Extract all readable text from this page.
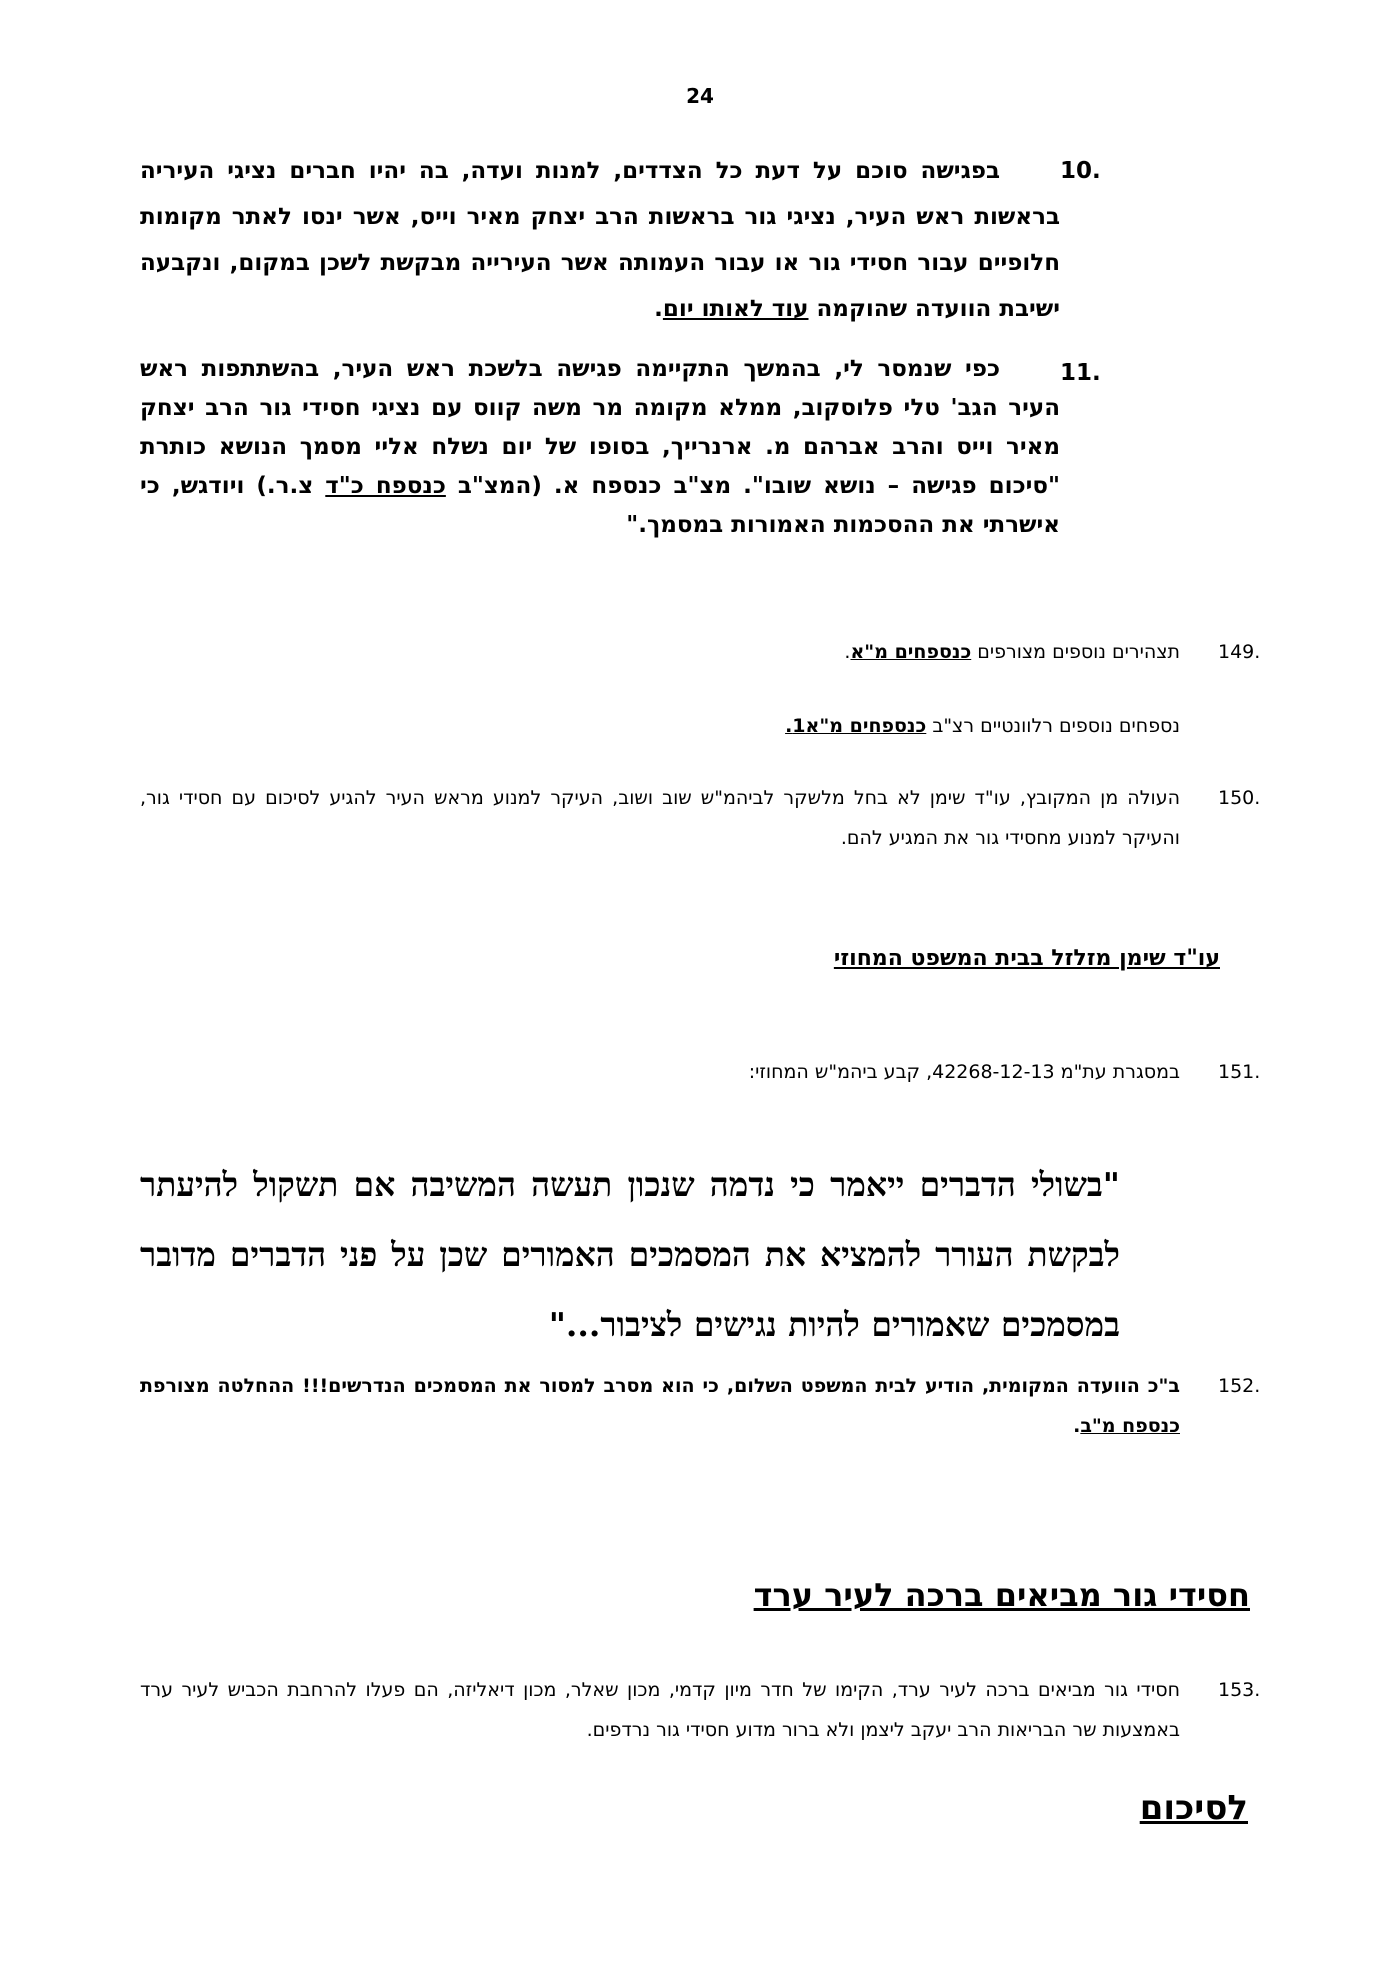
24
10.
בפגישה סוכם על דעת כל הצדדים, למנות ועדה, בה יהיו חברים נציגי העיריה בראשות ראש העיר, נציגי גור בראשות הרב יצחק מאיר וייס, אשר ינסו לאתר מקומות חלופיים עבור חסידי גור או עבור העמותה אשר העירייה מבקשת לשכן במקום, ונקבעה ישיבת הוועדה שהוקמה עוד לאותו יום.
11.
כפי שנמסר לי, בהמשך התקיימה פגישה בלשכת ראש העיר, בהשתתפות ראש העיר הגב' טלי פלוסקוב, ממלא מקומה מר משה קווס עם נציגי חסידי גור הרב יצחק מאיר וייס והרב אברהם מ. ארנרייך, בסופו של יום נשלח אליי מסמך הנושא כותרת "סיכום פגישה – נושא שובו". מצ"ב כנספח א. (המצ"ב כנספח כ"ד צ.ר.) ויודגש, כי אישרתי את ההסכמות האמורות במסמך."
149.
תצהירים נוספים מצורפים כנספחים מ"א.
נספחים נוספים רלוונטיים רצ"ב כנספחים מ"א1.
150.
העולה מן המקובץ, עו"ד שימן לא בחל מלשקר לביהמ"ש שוב ושוב, העיקר למנוע מראש העיר להגיע לסיכום עם חסידי גור, והעיקר למנוע מחסידי גור את המגיע להם.
עו"ד שימן מזלזל בבית המשפט המחוזי
151.
במסגרת עת"מ 42268-12-13, קבע ביהמ"ש המחוזי:
"בשולי הדברים ייאמר כי נדמה שנכון תעשה המשיבה אם תשקול להיעתר לבקשת העורר להמציא את המסמכים האמורים שכן על פני הדברים מדובר במסמכים שאמורים להיות נגישים לציבור..."
152.
ב"כ הוועדה המקומית, הודיע לבית המשפט השלום, כי הוא מסרב למסור את המסמכים הנדרשים!!! ההחלטה מצורפת כנספח מ"ב.
חסידי גור מביאים ברכה לעיר ערד
153.
חסידי גור מביאים ברכה לעיר ערד, הקימו של חדר מיון קדמי, מכון שאלר, מכון דיאליזה, הם פעלו להרחבת הכביש לעיר ערד באמצעות שר הבריאות הרב יעקב ליצמן ולא ברור מדוע חסידי גור נרדפים.
לסיכום
